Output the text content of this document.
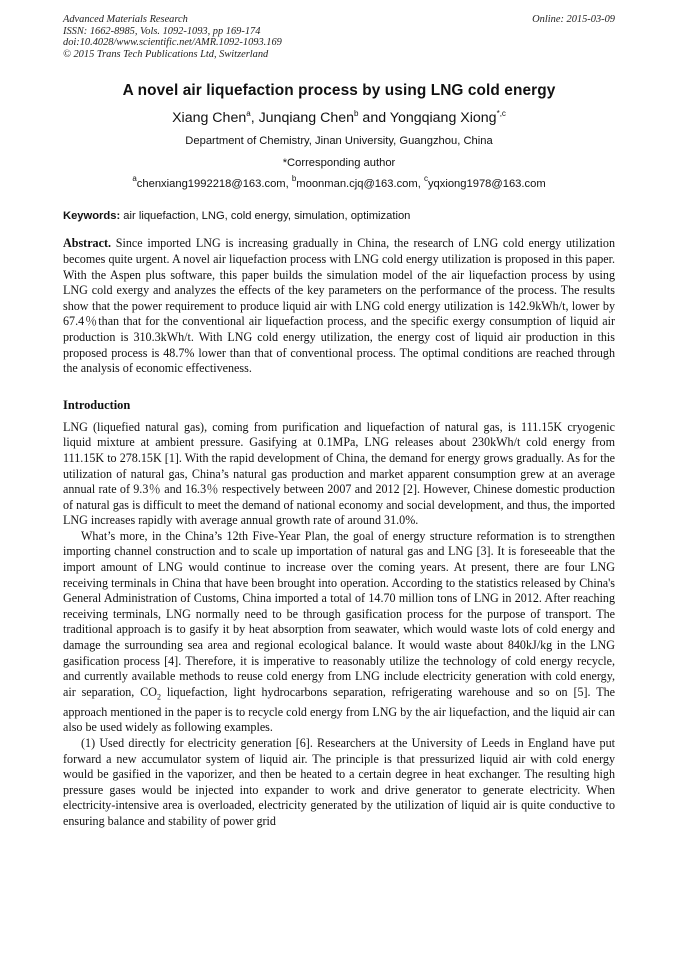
Advanced Materials Research
ISSN: 1662-8985, Vols. 1092-1093, pp 169-174
doi:10.4028/www.scientific.net/AMR.1092-1093.169
© 2015 Trans Tech Publications Ltd, Switzerland
Online: 2015-03-09
A novel air liquefaction process by using LNG cold energy
Xiang Chen$^a$, Junqiang Chen$^b$ and Yongqiang Xiong$^{*,c}$
Department of Chemistry, Jinan University, Guangzhou, China
*Corresponding author
$^a$chenxiang1992218@163.com, $^b$moonman.cjq@163.com, $^c$yqxiong1978@163.com
Keywords: air liquefaction, LNG, cold energy, simulation, optimization

Abstract. Since imported LNG is increasing gradually in China, the research of LNG cold energy utilization becomes quite urgent. A novel air liquefaction process with LNG cold energy utilization is proposed in this paper. With the Aspen plus software, this paper builds the simulation model of the air liquefaction process by using LNG cold exergy and analyzes the effects of the key parameters on the performance of the process. The results show that the power requirement to produce liquid air with LNG cold energy utilization is 142.9kWh/t, lower by 67.4％than that for the conventional air liquefaction process, and the specific exergy consumption of liquid air production is 310.3kWh/t. With LNG cold energy utilization, the energy cost of liquid air production in this proposed process is 48.7% lower than that of conventional process. The optimal conditions are reached through the analysis of economic effectiveness.

Introduction

LNG (liquefied natural gas), coming from purification and liquefaction of natural gas, is 111.15K cryogenic liquid mixture at ambient pressure. Gasifying at 0.1MPa, LNG releases about 230kWh/t cold energy from 111.15K to 278.15K [1]. With the rapid development of China, the demand for energy grows gradually. As for the utilization of natural gas, China’s natural gas production and market apparent consumption grew at an average annual rate of 9.3％ and 16.3％ respectively between 2007 and 2012 [2]. However, Chinese domestic production of natural gas is difficult to meet the demand of national economy and social development, and thus, the imported LNG increases rapidly with average annual growth rate of around 31.0%.

What’s more, in the China’s 12th Five-Year Plan, the goal of energy structure reformation is to strengthen importing channel construction and to scale up importation of natural gas and LNG [3]. It is foreseeable that the import amount of LNG would continue to increase over the coming years. At present, there are four LNG receiving terminals in China that have been brought into operation. According to the statistics released by China's General Administration of Customs, China imported a total of 14.70 million tons of LNG in 2012. After reaching receiving terminals, LNG normally need to be through gasification process for the purpose of transport. The traditional approach is to gasify it by heat absorption from seawater, which would waste lots of cold energy and damage the surrounding sea area and regional ecological balance. It would waste about 840kJ/kg in the LNG gasification process [4]. Therefore, it is imperative to reasonably utilize the technology of cold energy recycle, and currently available methods to reuse cold energy from LNG include electricity generation with cold energy, air separation, $CO_2$ liquefaction, light hydrocarbons separation, refrigerating warehouse and so on [5]. The approach mentioned in the paper is to recycle cold energy from LNG by the air liquefaction, and the liquid air can also be used widely as following examples.

(1) Used directly for electricity generation [6]. Researchers at the University of Leeds in England have put forward a new accumulator system of liquid air. The principle is that pressurized liquid air with cold energy would be gasified in the vaporizer, and then be heated to a certain degree in heat exchanger. The resulting high pressure gases would be injected into expander to work and drive generator to generate electricity. When electricity-intensive area is overloaded, electricity generated by the utilization of liquid air is quite conductive to ensuring balance and stability of power grid
